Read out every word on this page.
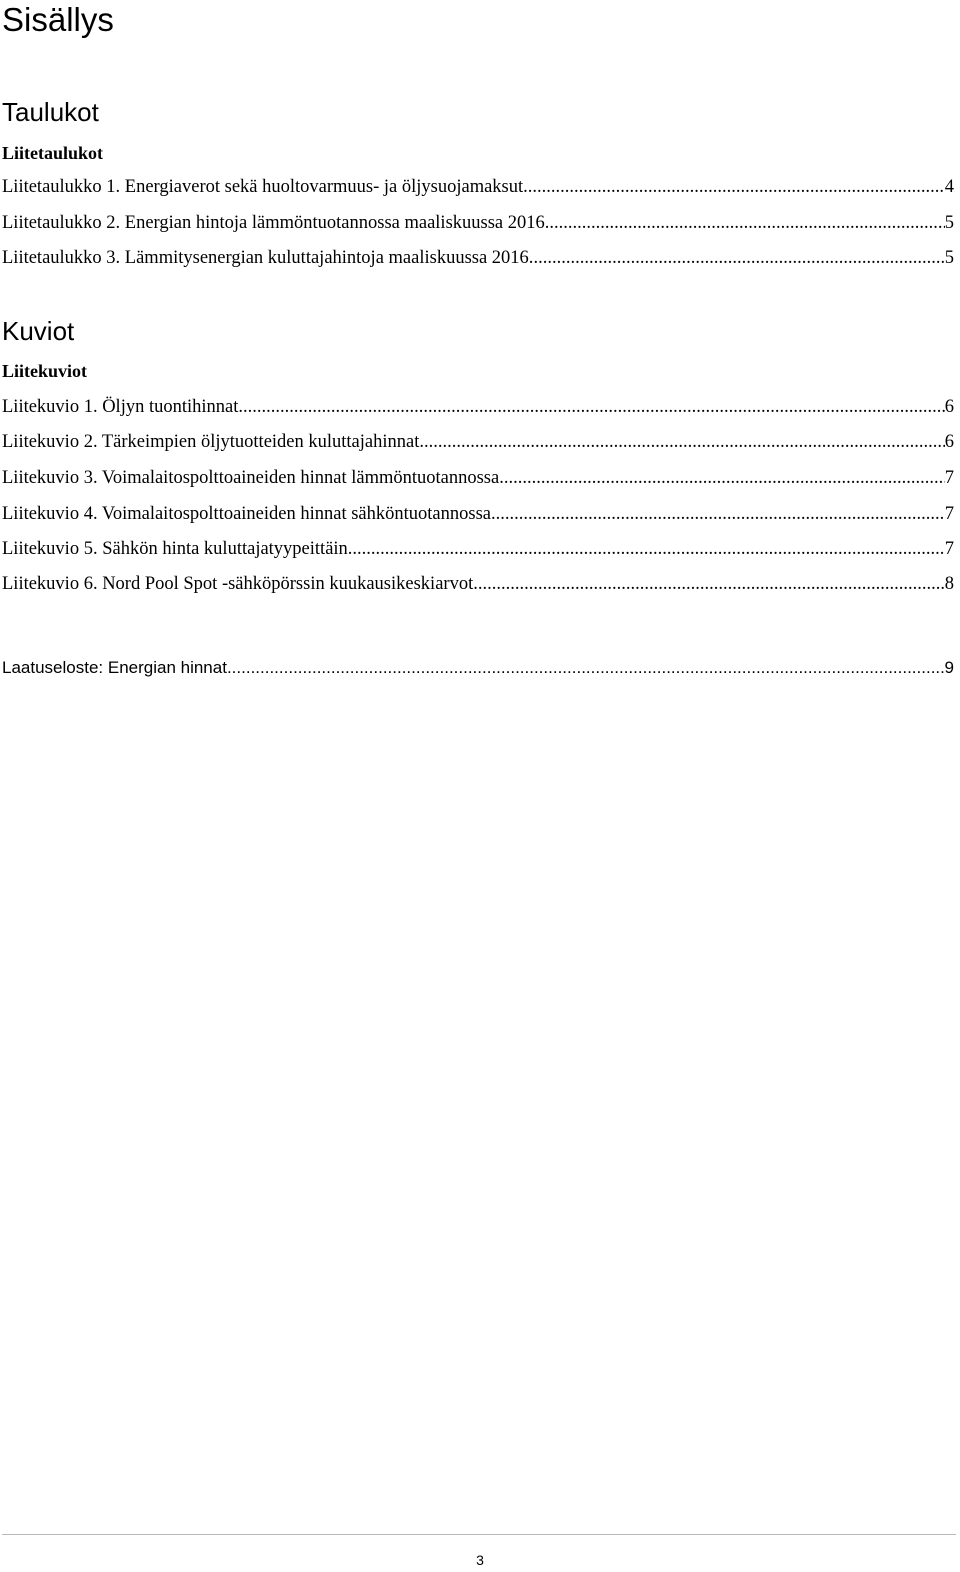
Sisällys
Taulukot
Liitetaulukot
Liitetaulukko 1. Energiaverot sekä huoltovarmuus- ja öljysuojamaksut .....	4
Liitetaulukko 2. Energian hintoja lämmöntuotannossa maaliskuussa 2016. .....	5
Liitetaulukko 3. Lämmitysenergian kuluttajahintoja maaliskuussa 2016. .....	5
Kuviot
Liitekuviot
Liitekuvio 1. Öljyn tuontihinnat .....	6
Liitekuvio 2. Tärkeimpien öljytuotteiden kuluttajahinnat .....	6
Liitekuvio 3. Voimalaitospolttoaineiden hinnat lämmöntuotannossa .....	7
Liitekuvio 4. Voimalaitospolttoaineiden hinnat sähköntuotannossa .....	7
Liitekuvio 5. Sähkön hinta kuluttajatyypeittäin .....	7
Liitekuvio 6. Nord Pool Spot -sähköpörssin kuukausikeskiarvot .....	8
Laatuseloste: Energian hinnat .....	9
3
